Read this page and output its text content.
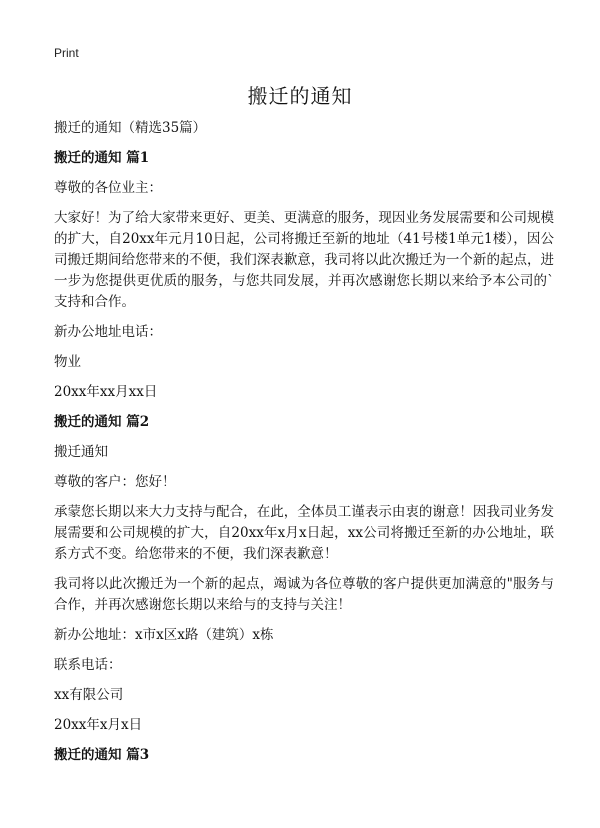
Print
搬迁的通知

搬迁的通知（精选35篇）

搬迁的通知 篇1

尊敬的各位业主：

大家好！为了给大家带来更好、更美、更满意的服务，现因业务发展需要和公司规模的扩大，自20xx年元月10日起，公司将搬迁至新的地址（41号楼1单元1楼），因公司搬迁期间给您带来的不便，我们深表歉意，我司将以此次搬迁为一个新的起点，进一步为您提供更优质的服务，与您共同发展，并再次感谢您长期以来给予本公司的`支持和合作。

新办公地址电话：

物业

20xx年xx月xx日

搬迁的通知 篇2

搬迁通知

尊敬的客户：您好！

承蒙您长期以来大力支持与配合，在此，全体员工谨表示由衷的谢意！因我司业务发展需要和公司规模的扩大，自20xx年x月x日起，xx公司将搬迁至新的办公地址，联系方式不变。给您带来的不便，我们深表歉意！

我司将以此次搬迁为一个新的起点，竭诚为各位尊敬的客户提供更加满意的"服务与合作，并再次感谢您长期以来给与的支持与关注！

新办公地址：x市x区x路（建筑）x栋

联系电话：

xx有限公司

20xx年x月x日

搬迁的通知 篇3
